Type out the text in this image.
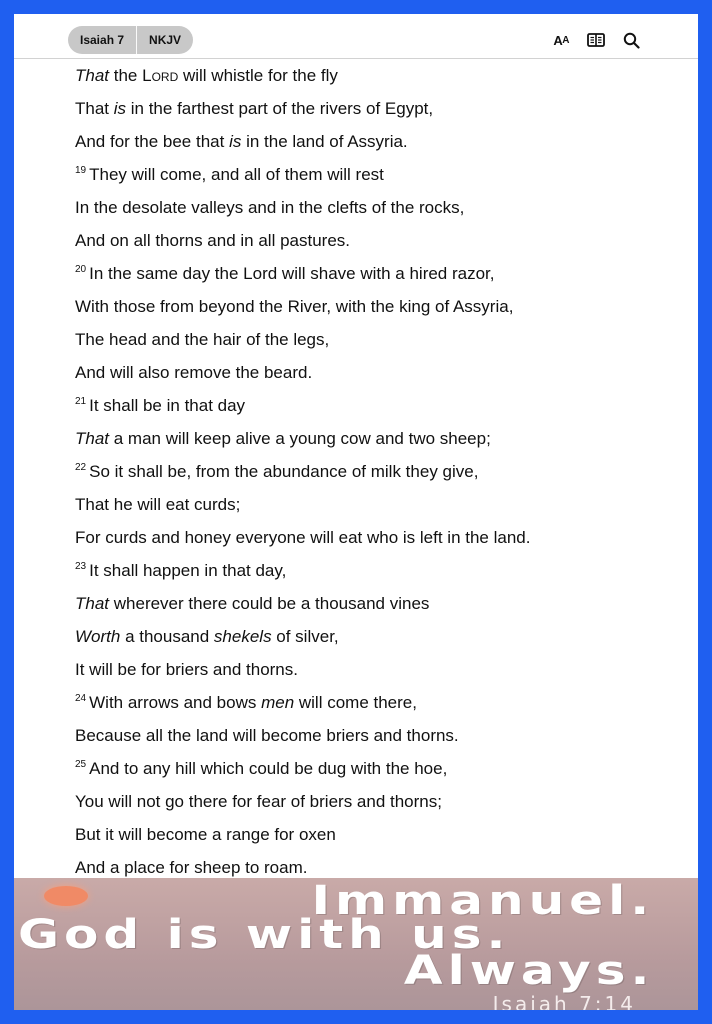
Isaiah 7	NKJV	A A
That the Lord will whistle for the fly
That is in the farthest part of the rivers of Egypt,
And for the bee that is in the land of Assyria.
$^{19}$ They will come, and all of them will rest
In the desolate valleys and in the clefts of the rocks,
And on all thorns and in all pastures.
$^{20}$ In the same day the Lord will shave with a hired razor,
With those from beyond the River, with the king of Assyria,
The head and the hair of the legs,
And will also remove the beard.
$^{21}$ It shall be in that day
That a man will keep alive a young cow and two sheep;
$^{22}$ So it shall be, from the abundance of milk they give,
That he will eat curds;
For curds and honey everyone will eat who is left in the land.
$^{23}$ It shall happen in that day,
That wherever there could be a thousand vines
Worth a thousand shekels of silver,
It will be for briers and thorns.
$^{24}$ With arrows and bows men will come there,
Because all the land will become briers and thorns.
$^{25}$ And to any hill which could be dug with the hoe,
You will not go there for fear of briers and thorns;
But it will become a range for oxen
And a place for sheep to roam.
Immanuel.
God is with us.
Always.
Isaiah 7:14
